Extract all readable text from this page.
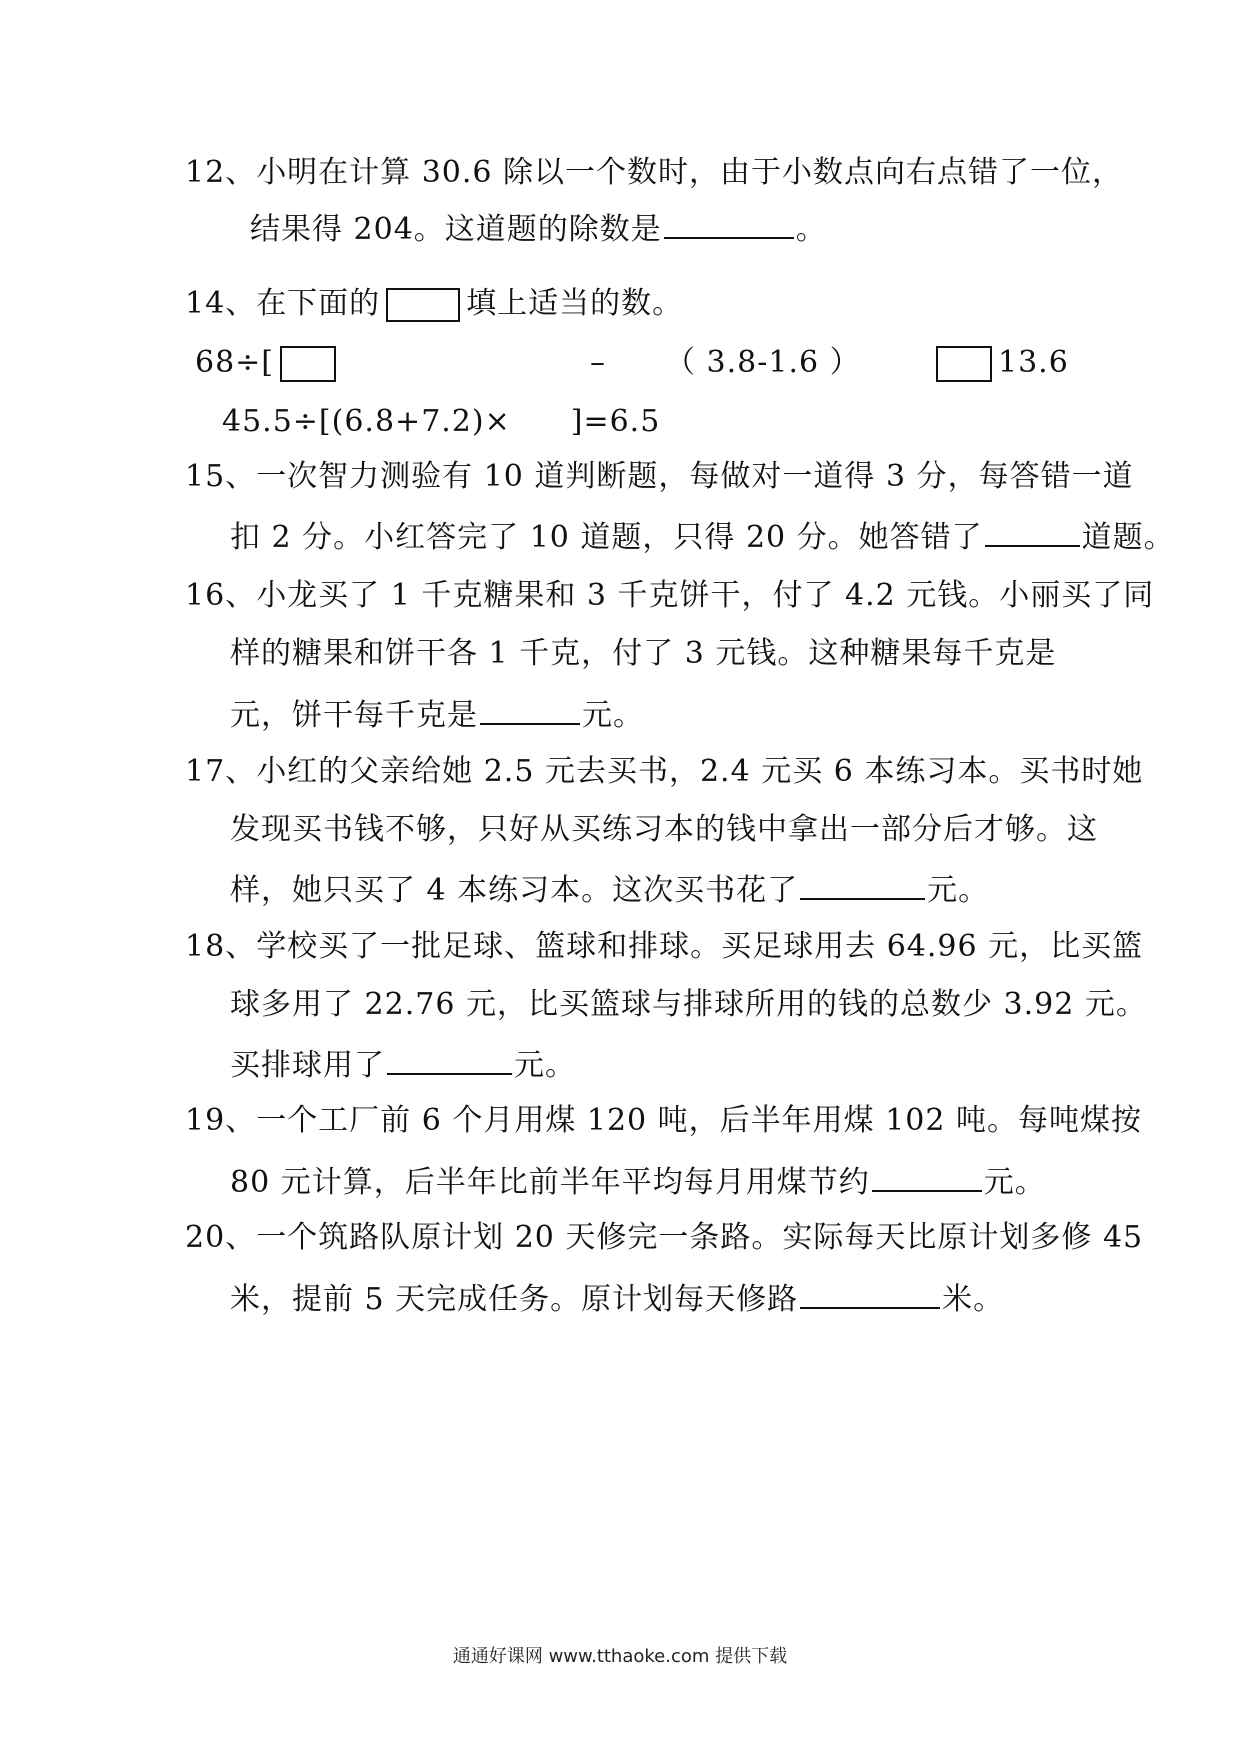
12、小明在计算 30.6 除以一个数时，由于小数点向右点错了一位，
结果得 204。这道题的除数是	。
14、在下面的	填上适当的数。
68÷[	– （ 3.8-1.6 ）	13.6
45.5÷[(6.8+7.2)× ]=6.5
15、一次智力测验有 10 道判断题，每做对一道得 3 分，每答错一道
扣 2 分。小红答完了 10 道题，只得 20 分。她答错了	道题。
16、小龙买了 1 千克糖果和 3 千克饼干，付了 4.2 元钱。小丽买了同
样的糖果和饼干各 1 千克，付了 3 元钱。这种糖果每千克是
元，饼干每千克是	元。
17、小红的父亲给她 2.5 元去买书，2.4 元买 6 本练习本。买书时她
发现买书钱不够，只好从买练习本的钱中拿出一部分后才够。这
样，她只买了 4 本练习本。这次买书花了	元。
18、学校买了一批足球、篮球和排球。买足球用去 64.96 元，比买篮
球多用了 22.76 元，比买篮球与排球所用的钱的总数少 3.92 元。
买排球用了	元。
19、一个工厂前 6 个月用煤 120 吨，后半年用煤 102 吨。每吨煤按
80 元计算，后半年比前半年平均每月用煤节约	元。
20、一个筑路队原计划 20 天修完一条路。实际每天比原计划多修 45
米，提前 5 天完成任务。原计划每天修路	米。
通通好课网 www.tthaoke.com 提供下载
